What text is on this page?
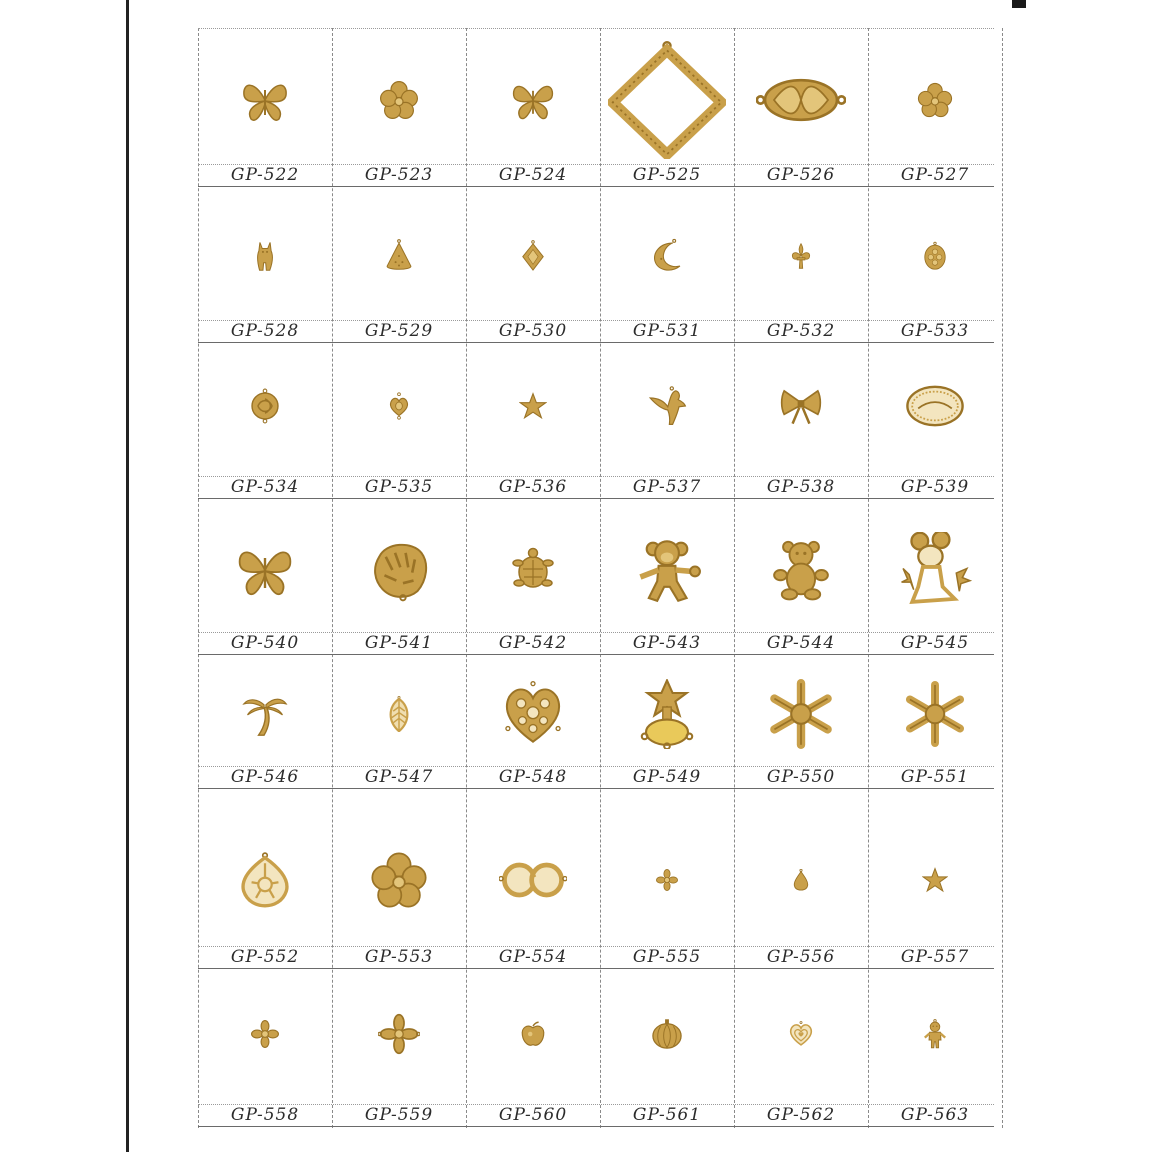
GP-522	GP-523	GP-524	GP-525	GP-526	GP-527
GP-528	GP-529	GP-530	GP-531	GP-532	GP-533
GP-534	GP-535	GP-536	GP-537	GP-538	GP-539
GP-540	GP-541	GP-542	GP-543	GP-544	GP-545
GP-546	GP-547	GP-548	GP-549	GP-550	GP-551
GP-552	GP-553	GP-554	GP-555	GP-556	GP-557
GP-558	GP-559	GP-560	GP-561	GP-562	GP-563
